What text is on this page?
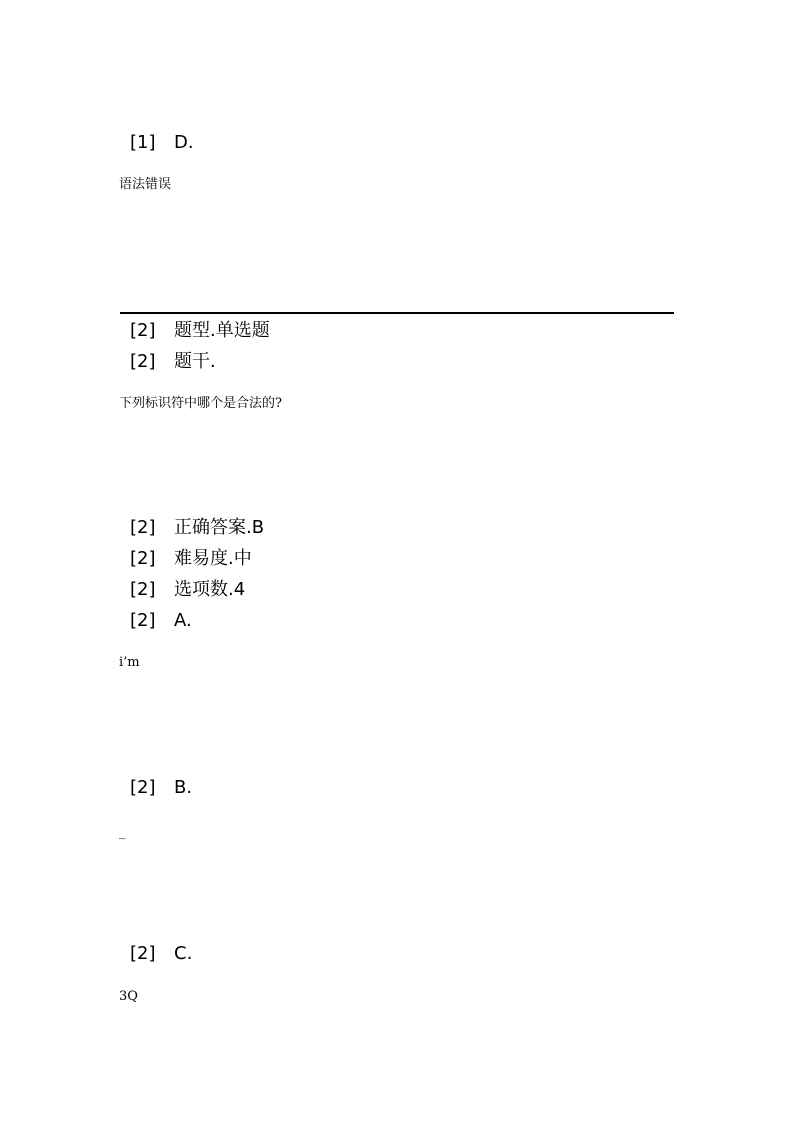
[1] D.
语法错误
[2] 题型.单选题
[2] 题干.
下列标识符中哪个是合法的?
[2] 正确答案.B
[2] 难易度.中
[2] 选项数.4
[2] A.
i’m
[2] B.
_
[2] C.
3Q
